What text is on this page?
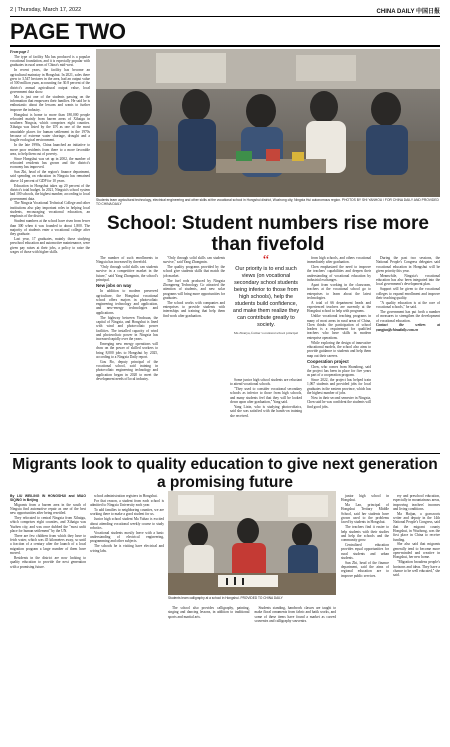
2 | Thursday, March 17, 2022	CHINA DAILY 中国日报
PAGE TWO

From page 1

The type of facility Ma has produced is a popular vocational foundation, and it is especially popular with graduates in rural areas of China's mid-west.

In recent years, the facility has become an agricultural mainstay in Hongshui. In 2021, sales there grew to 3,547 hectares in the area, had an output value of 500 million yuan, accounting for 30.8 percent of the district's annual agricultural output value, local government data show.

Ma is just one of the students passing on the information that empowers their families. He said he is enthusiastic about the lessons and wants to further improve the industry.

Hongshui is home to more than 180,000 people relocated mainly from barren areas of Xihaigu in southern Ningxia, which comprises eight counties. Xihaigu was listed by the UN as one of the most unsuitable places for human settlement in the 1970s because of extreme water shortage, drought and a fragile ecological environment.

In the late 1990s, China launched an initiative to move poor residents from there to a more favorable area, to help them out of poverty.

Since Hongshui was set up in 2002, the number of relocated residents has grown and the district's economy has improved.

Sun Zhi, head of the region's finance department, said spending on education in Ningxia has remained above 14 percent of GDP for 10 years.

Education in Hongshui takes up 20 percent of the district's total budget. In 2021, Ningxia's school system had 100 schools, the highest number, according to local government data.

The Ningxia Vocational Technical College and other institutions also play important roles in helping local students, encouraging vocational education, an emphasis of the district.

Student numbers at the school have risen from fewer than 300 when it was founded to about 1,800. The majority of students enter a vocational college after they graduate.

Last year, 17 graduates, mainly those studying preschool education and automotive maintenance, were given pay raises at their jobs, a policy to raise the wages of those with higher skills.

Students learn agricultural technology, electrical engineering and other skills at the vocational school in Hongshui district, Wuzhong city, Ningxia Hui autonomous region. PHOTOS BY SHI YANHOU / FOR CHINA DAILY AND PROVIDED TO CHINA DAILY
School: Student numbers rise more than fivefold

The number of such enrollments in Ningxia has increased by threefold.

"Only through solid skills can students survive in a competitive market in the future," said Yang Zhongmin, the school's principal.

New jobs on way

In addition to modern preserved agriculture, the Hongshui vocational school offers majors in photovoltaic engineering technology and application, and new-energy technologies and applications.

The highway between Yinchuan, the capital of Ningxia, and Hongshui is lined with wind and photovoltaic power facilities. The installed capacity of wind and photovoltaic power in Ningxia has increased rapidly over the years.

Emerging new energy operations will draw on the power of skilled workers to bring 8,000 jobs to Hongshui by 2025, according to a Ningxia Daily report.

Gou Bo, deputy principal of the vocational school, said training in photovoltaic engineering technology and application began in 2020 to meet the development needs of local industry.

"Only through solid skills can students survive," said Yang Zhongmin.

The quality programs provided by the school give students skills that match the job market.

The fuel rods produced by Ningxia Zhongneng Technology Co attracted the attention of students, and new solar programs will bring more opportunities for graduates.

The school works with companies and enterprises to provide students with internships and training that help them find work after graduation.

“
Our priority is to end such views (on vocational secondary school students being inferior to those from high schools), help the students build confidence, and make them realize they can contribute greatly to society.
Ma Zhanyu, former vocational school principal

Some junior high school students are reluctant to attend vocational schools.

"They used to consider vocational secondary schools as inferior to those from high schools, and many students feel that they will be looked down upon after graduation," Yang said.

Yang Lixin, who is studying photovoltaics, said she was satisfied with the hands-on training she received.

from high schools, and others vocational immediately after graduation.

Chen emphasized the need to improve the teachers' capabilities and deepen their understanding of vocational education by industrial exchanges.

Apart from working in the classroom, teachers at the vocational school go to enterprises to learn about the latest technologies.

A total of 66 department heads and experienced teachers are currently at the Hongshui school to help with programs.

Unlike vocational teaching programs in many of most areas in rural areas of China, Chen thinks the participation of school leaders is a requirement for qualified teachers who have skills in modern enterprise operations.

While exploring the design of innovative educational models, the school also aims to provide guidance to students and help them map out their careers.

Cooperation project

Chen, who comes from Shandong, said the project has been in place for five years as part of a cooperation program.

Since 2022, the project has helped train 1,067 students and provided jobs for local graduates in the eastern province, which has the highest number of jobs.

Now in their second semester in Ningxia, Chen said he was confident the students will find good jobs.

During the past two sessions, the National People's Congress delegates said vocational education in Hongshui will be given priority this year.

Meanwhile, Ningxia's vocational education has also been integrated into the local government's development plan.

Support will be given to the vocational colleges to expand enrollment and improve their teaching quality.

"A quality education is at the core of vocational schools," he said.

The government has put forth a number of measures to strengthen the development of vocational education.

Contact the writers at yangjun@chinadaily.com.cn

Migrants look to quality education to give next generation a promising future

By LIU WEILING IN HONGSHUI and MIAO SIQING in Beijing

Migrants from a barren area in the south of Ningxia find automotive repair as one of the best new opportunities after being resettled.

They relocated to central Ningxia from Xihaigu, which comprises eight counties, and Xihaigu was Yuzhen city, and was once dubbed the "most unfit place for human settlement" by the UN.

There are few children from which they have to fetch water, which was 45 kilometers away, so until a fraction of a century after the launch of a local migration program a large number of them have moved.

Residents in the district are now looking to quality education to provide the next generation with a promising future.

school administration registers in Hongshui.

For that reason, a student from each school is admitted to Ningxia University each year.

To add families to neighboring counties, we are working there to make a good student for us.

Junior high school student Ma Yuhao is excited about attending vocational weekly course to study robotics.

Vocational students mostly leave with a basic understanding of electrical engineering, programming and other subjects.

The schools he is visiting have electrical and wiring labs.

Students learn calligraphy at a school in Hongshui. PROVIDED TO CHINA DAILY

The school also provides calligraphy, painting, singing and dancing lessons, in addition to traditional sports and martial arts.

Students standing, handwork classes are taught to make floral ornaments from fabric and batik works, and some of these items have found a market as carved souvenirs and calligraphy souvenirs.

junior high school in Hongshui.

Ma Lan, principal of Hongshui Tertiary Middle School, said her students have grown used to the problems faced by students in Hongshui.

The teachers find it easier to help students with their studies and help the schools and the community grow.

Centralized education provides equal opportunities for rural students and urban students.

Sun Zhi, head of the finance department, said the aims of regional education are to improve public services.

ery and preschool education, especially in mountainous areas, improving teachers' incomes and living conditions.

Ma Haijun, a grassroots writer and deputy in the 14th National People's Congress, said that the migrant county Hongshui, in Wuzhong, was the first place in China to receive funding.

She also said that migrants generally tend to become more open-minded and creative in Hongshui, her new home.

"Migration broadens people's horizons and ideas. They have a chance to be well educated," she said.
